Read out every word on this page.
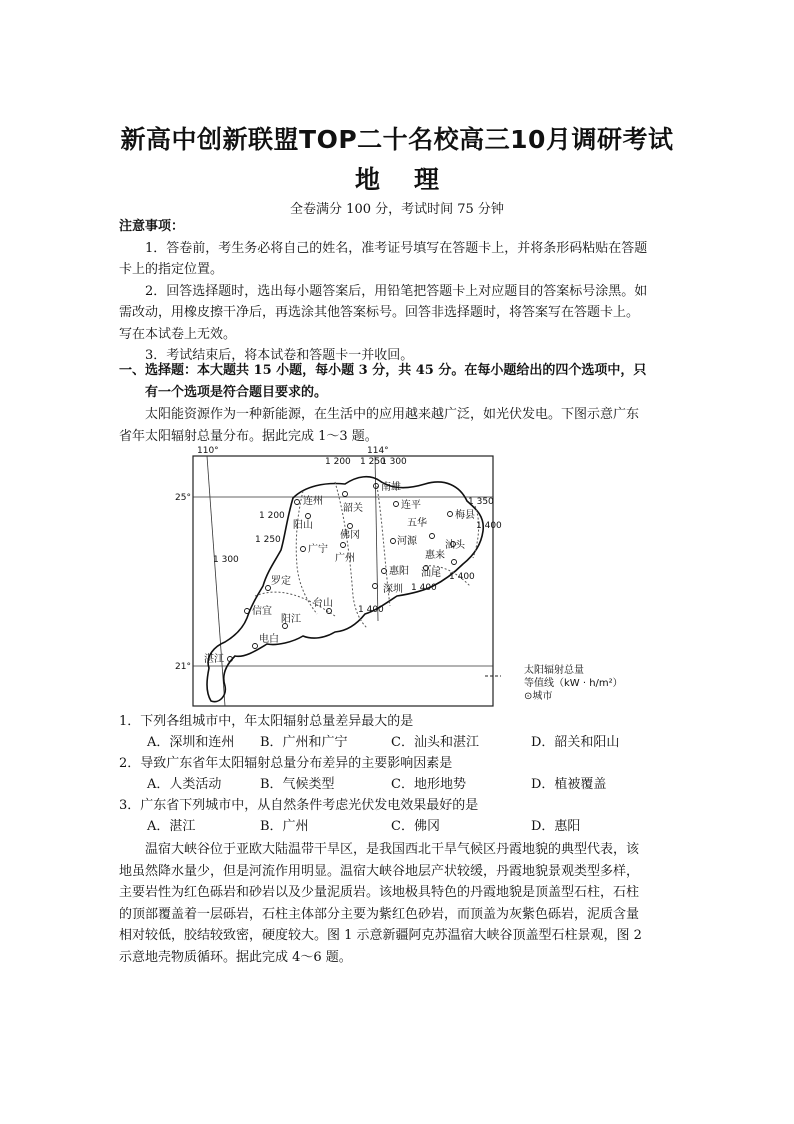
新高中创新联盟TOP二十名校高三10月调研考试
地理
全卷满分 100 分，考试时间 75 分钟

注意事项：

1．答卷前，考生务必将自己的姓名，准考证号填写在答题卡上，并将条形码粘贴在答题卡上的指定位置。

2．回答选择题时，选出每小题答案后，用铅笔把答题卡上对应题目的答案标号涂黑。如需改动，用橡皮擦干净后，再选涂其他答案标号。回答非选择题时，将答案写在答题卡上。写在本试卷上无效。

3．考试结束后，将本试卷和答题卡一并收回。

一、选择题：本大题共 15 小题，每小题 3 分，共 45 分。在每小题给出的四个选项中，只有一个选项是符合题目要求的。
太阳能资源作为一种新能源，在生活中的应用越来越广泛，如光伏发电。下图示意广东省年太阳辐射总量分布。据此完成 1～3 题。
110°	114°
25°
21°
1 200 1 250
1 300
1 350
1 400
1 200
1 250
1 300
1 400
1 400
1 400
连州
韶关
南雄
阳山
佛冈
广宁
广州
连平
五华
梅县
河源	汕头
惠来
惠阳 汕尾
深圳
罗定
台山
信宜
阳江
电白
湛江
太阳辐射总量
等值线（kW · h/m²）
⊙城市
1．下列各组城市中，年太阳辐射总量差异最大的是
A．深圳和连州 B．广州和广宁	C．汕头和湛江	D．韶关和阳山
2．导致广东省年太阳辐射总量分布差异的主要影响因素是
A．人类活动	B．气候类型	C．地形地势	D．植被覆盖
3．广东省下列城市中，从自然条件考虑光伏发电效果最好的是
A．湛江	B．广州	C．佛冈	D．惠阳
温宿大峡谷位于亚欧大陆温带干旱区，是我国西北干旱气候区丹霞地貌的典型代表，该地虽然降水量少，但是河流作用明显。温宿大峡谷地层产状较缓，丹霞地貌景观类型多样，主要岩性为红色砾岩和砂岩以及少量泥质岩。该地极具特色的丹霞地貌是顶盖型石柱，石柱的顶部覆盖着一层砾岩，石柱主体部分主要为紫红色砂岩，而顶盖为灰紫色砾岩，泥质含量相对较低，胶结较致密，硬度较大。图 1 示意新疆阿克苏温宿大峡谷顶盖型石柱景观，图 2 示意地壳物质循环。据此完成 4～6 题。
